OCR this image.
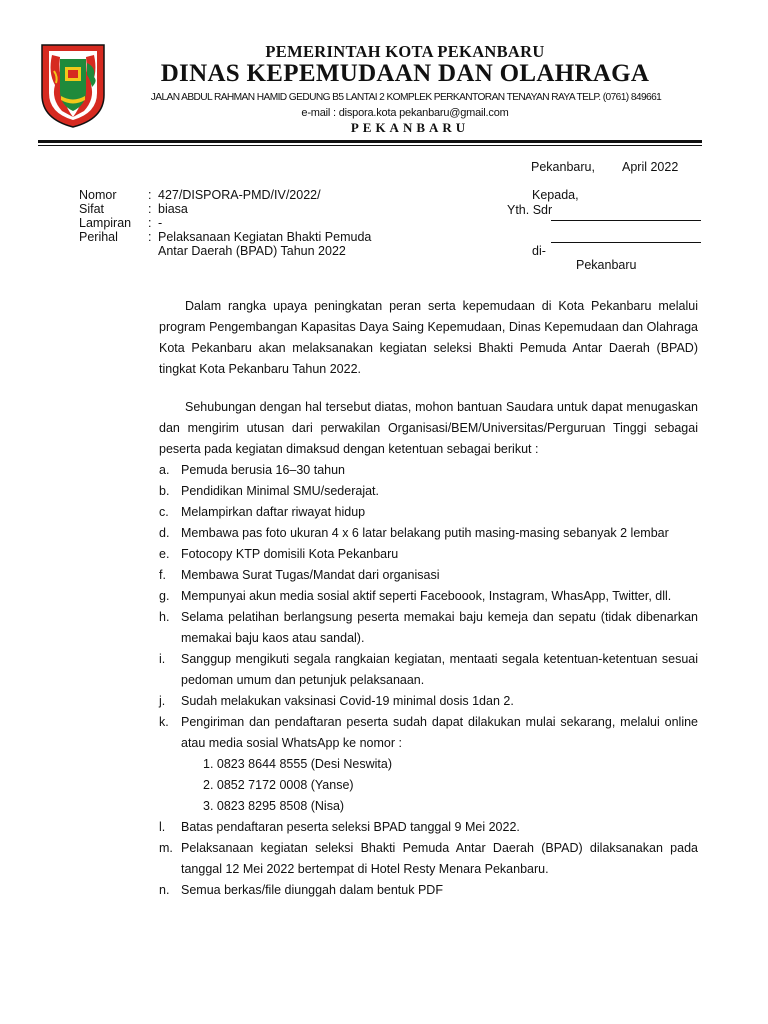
PEMERINTAH KOTA PEKANBARU
DINAS KEPEMUDAAN DAN OLAHRAGA
JALAN ABDUL RAHMAN HAMID GEDUNG B5 LANTAI 2 KOMPLEK PERKANTORAN TENAYAN RAYA TELP. (0761) 849661
e-mail : dispora.kota pekanbaru@gmail.com
PEKANBARU
Pekanbaru, April 2022
Nomor	: 427/DISPORA-PMD/IV/2022/
Sifat	: biasa
Lampiran : -
Perihal : Pelaksanaan Kegiatan Bhakti Pemuda
Antar Daerah (BPAD) Tahun 2022
Kepada,
Yth. Sdr
di-
Pekanbaru

Dalam rangka upaya peningkatan peran serta kepemudaan di Kota Pekanbaru melalui program Pengembangan Kapasitas Daya Saing Kepemudaan, Dinas Kepemudaan dan Olahraga Kota Pekanbaru akan melaksanakan kegiatan seleksi Bhakti Pemuda Antar Daerah (BPAD) tingkat Kota Pekanbaru Tahun 2022.

Sehubungan dengan hal tersebut diatas, mohon bantuan Saudara untuk dapat menugaskan dan mengirim utusan dari perwakilan Organisasi/BEM/Universitas/Perguruan Tinggi sebagai peserta pada kegiatan dimaksud dengan ketentuan sebagai berikut :

a. Pemuda berusia 16–30 tahun
b. Pendidikan Minimal SMU/sederajat.
c. Melampirkan daftar riwayat hidup
d. Membawa pas foto ukuran 4 x 6 latar belakang putih masing-masing sebanyak 2 lembar
e. Fotocopy KTP domisili Kota Pekanbaru
f. Membawa Surat Tugas/Mandat dari organisasi
g. Mempunyai akun media sosial aktif seperti Faceboook, Instagram, WhasApp, Twitter, dll.
h. Selama pelatihan berlangsung peserta memakai baju kemeja dan sepatu (tidak dibenarkan memakai baju kaos atau sandal).
i. Sanggup mengikuti segala rangkaian kegiatan, mentaati segala ketentuan-ketentuan sesuai pedoman umum dan petunjuk pelaksanaan.
j. Sudah melakukan vaksinasi Covid-19 minimal dosis 1dan 2.
k. Pengiriman dan pendaftaran peserta sudah dapat dilakukan mulai sekarang, melalui online atau media sosial WhatsApp ke nomor :
1. 0823 8644 8555 (Desi Neswita)
2. 0852 7172 0008 (Yanse)
3. 0823 8295 8508 (Nisa)
l. Batas pendaftaran peserta seleksi BPAD tanggal 9 Mei 2022.
m. Pelaksanaan kegiatan seleksi Bhakti Pemuda Antar Daerah (BPAD) dilaksanakan pada tanggal 12 Mei 2022 bertempat di Hotel Resty Menara Pekanbaru.
n. Semua berkas/file diunggah dalam bentuk PDF
